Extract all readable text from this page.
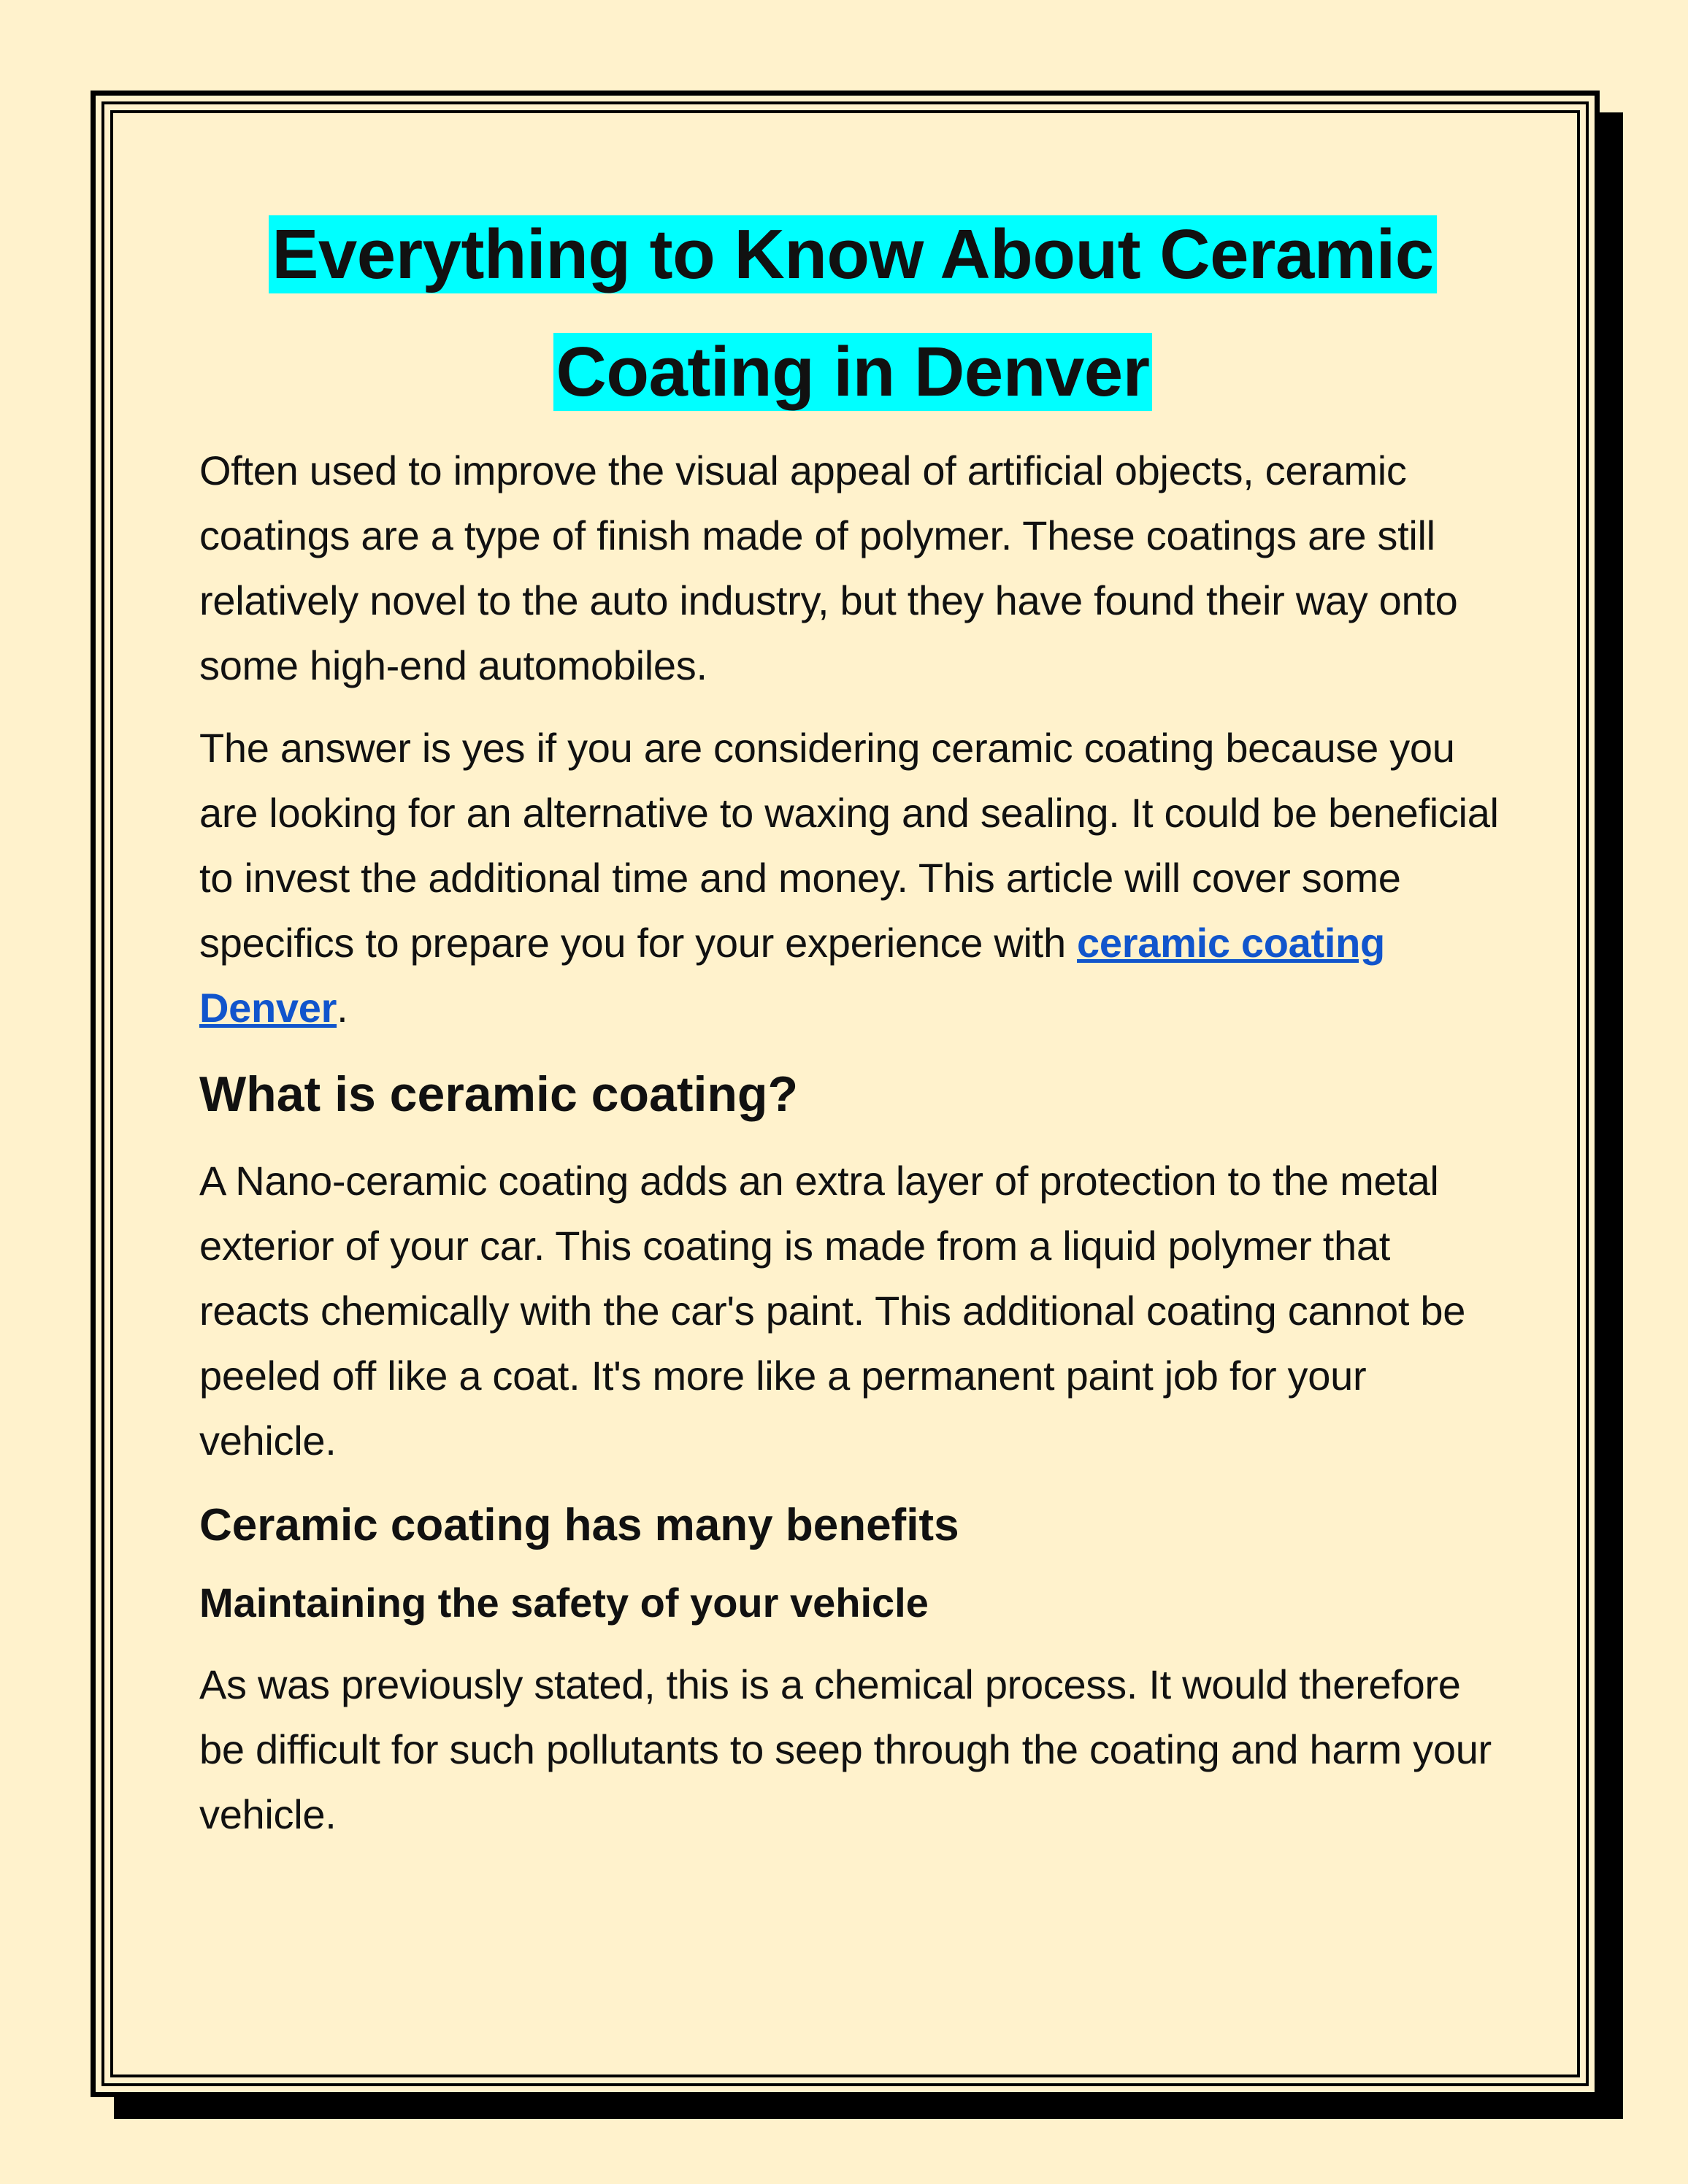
Everything to Know About Ceramic
Coating in Denver

Often used to improve the visual appeal of artificial objects, ceramic coatings are a type of finish made of polymer. These coatings are still relatively novel to the auto industry, but they have found their way onto some high-end automobiles.

The answer is yes if you are considering ceramic coating because you are looking for an alternative to waxing and sealing. It could be beneficial to invest the additional time and money. This article will cover some specifics to prepare you for your experience with ceramic coating Denver.

What is ceramic coating?

A Nano-ceramic coating adds an extra layer of protection to the metal exterior of your car. This coating is made from a liquid polymer that reacts chemically with the car's paint. This additional coating cannot be peeled off like a coat. It's more like a permanent paint job for your vehicle.

Ceramic coating has many benefits
Maintaining the safety of your vehicle

As was previously stated, this is a chemical process. It would therefore be difficult for such pollutants to seep through the coating and harm your vehicle.
